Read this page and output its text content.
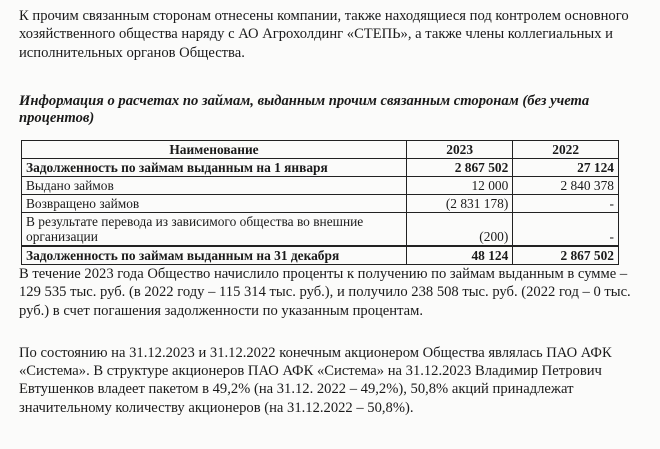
К прочим связанным сторонам отнесены компании, также находящиеся под контролем основного хозяйственного общества наряду с АО Агрохолдинг «СТЕПЬ», а также члены коллегиальных и исполнительных органов Общества.

Информация о расчетах по займам, выданным прочим связанным сторонам (без учета процентов)

Наименование	2023	2022
Задолженность по займам выданным на 1 января	2 867 502	27 124
Выдано займов	12 000	2 840 378
Возвращено займов	(2 831 178)	-
В результате перевода из зависимого общества во внешние организации	(200)	-
Задолженность по займам выданным на 31 декабря	48 124	2 867 502

В течение 2023 года Общество начислило проценты к получению по займам выданным в сумме – 129 535 тыс. руб. (в 2022 году – 115 314 тыс. руб.), и получило 238 508 тыс. руб. (2022 год – 0 тыс. руб.) в счет погашения задолженности по указанным процентам.

По состоянию на 31.12.2023 и 31.12.2022 конечным акционером Общества являлась ПАО АФК «Система». В структуре акционеров ПАО АФК «Система» на 31.12.2023 Владимир Петрович Евтушенков владеет пакетом в 49,2% (на 31.12. 2022 – 49,2%), 50,8% акций принадлежат значительному количеству акционеров (на 31.12.2022 – 50,8%).
